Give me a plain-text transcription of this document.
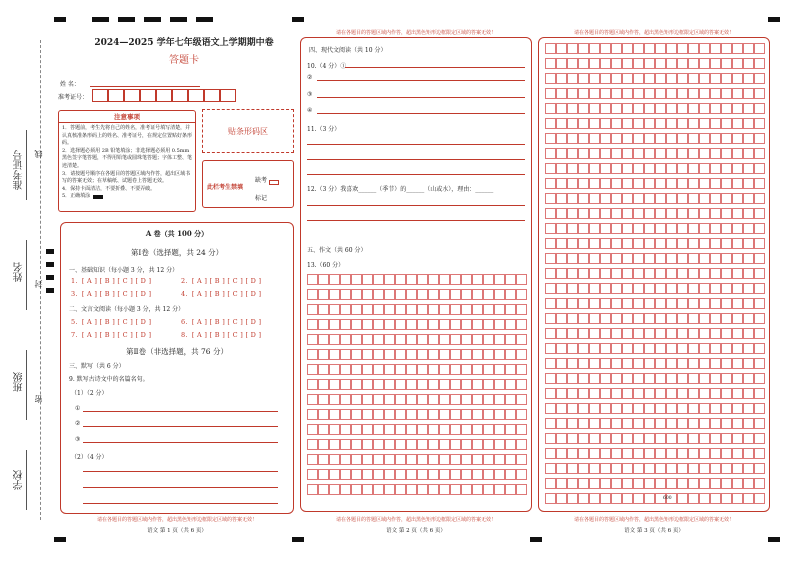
准考证号 线
姓名
封
班级
密
学校
2024—2025 学年七年级语文上学期期中卷
答题卡
姓 名：
准考证号：
注意事项
1．答题前，考生先将自己的姓名，准考证号填写清楚，并认真核准条形码上的姓名、准考证号，在规定位置贴好条形码。
2．选择题必须用 2B 铅笔填涂；非选择题必须用 0.5mm 黑色签字笔答题，不得用铅笔或圆珠笔答题；字体工整、笔迹清楚。
3．请按题号顺序在各题目的答题区域内作答，超出区域书写的答案无效；在草稿纸、试题卷上答题无效。
4．保持卡面清洁，不要折叠、不要弄破。
5．正确填涂
贴条形码区
此栏考生禁填
缺考
标记
A 卷（共 100 分）
第Ⅰ卷（选择题，共 24 分）
一、基础知识（每小题 3 分，共 12 分）
1. [ A ] [ B ] [ C ] [ D ]	2. [ A ] [ B ] [ C ] [ D ]
3. [ A ] [ B ] [ C ] [ D ]	4. [ A ] [ B ] [ C ] [ D ]
二、文言文阅读（每小题 3 分，共 12 分）
5. [ A ] [ B ] [ C ] [ D ]	6. [ A ] [ B ] [ C ] [ D ]
7. [ A ] [ B ] [ C ] [ D ]	8. [ A ] [ B ] [ C ] [ D ]
第Ⅱ卷（非选择题，共 76 分）
三、默写（共 6 分）
9. 默写古诗文中的名篇名句。
（1）（2 分）
①
②
③
（2）（4 分）
请在各题目的答题区域内作答，超出黑色矩形边框限定区域的答案无效！
语文 第 1 页（共 6 页）
请在各题目的答题区域内作答，超出黑色矩形边框限定区域的答案无效！
四、现代文阅读（共 10 分）
10.（4 分）①
②
③
④
11.（3 分）
12.（3 分）我喜欢______（季节）的______（山或水），理由：______
五、作文（共 60 分）
13.（60 分）
请在各题目的答题区域内作答，超出黑色矩形边框限定区域的答案无效！
语文 第 2 页（共 6 页）
请在各题目的答题区域内作答，超出黑色矩形边框限定区域的答案无效！
600
请在各题目的答题区域内作答，超出黑色矩形边框限定区域的答案无效！
语文 第 3 页（共 6 页）
